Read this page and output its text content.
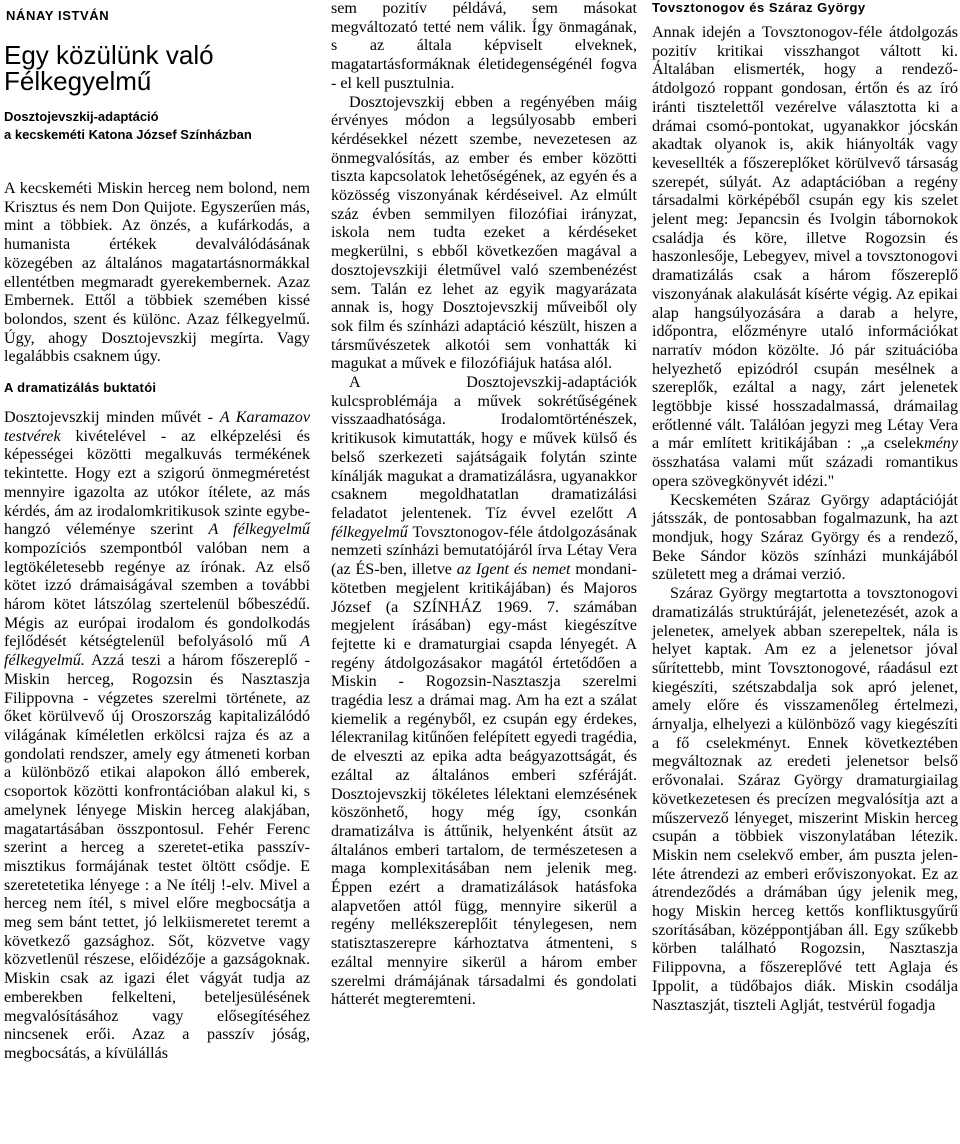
NÁNAY ISTVÁN
Egy közülünk való Félkegyelmű
Dosztojevszkij-adaptáció
a kecskeméti Katona József Színházban

A kecskeméti Miskin herceg nem bolond, nem Krisztus és nem Don Quijote. Egyszerűen más, mint a többiek. Az önzés, a kufárkodás, a humanista értékek devalválódásának közegében az általános magatartásnormákkal ellentétben megmaradt gyerekembernek. Azaz Embernek. Ettől a többiek szemében kissé bolondos, szent és különc. Azaz félkegyelmű. Úgy, ahogy Dosztojevszkij megírta. Vagy legalábbis csaknem úgy.

A dramatizálás buktatói

Dosztojevszkij minden művét - A Karamazov testvérek kivételével - az elképzelési és képességei közötti megalkuvás termékének tekintette. Hogy ezt a szigorú önmegméretést mennyire igazolta az utókor ítélete, az más kérdés, ám az irodalomkritikusok szinte egybe-hangzó véleménye szerint A félkegyelmű kompozíciós szempontból valóban nem a legtökéletesebb regénye az írónak. Az első kötet izzó drámaiságával szemben a további három kötet látszólag szertelenül bőbeszédű. Mégis az európai irodalom és gondolkodás fejlődését kétségtelenül befolyásoló mű A félkegyelmű. Azzá teszi a három főszereplő - Miskin herceg, Rogozsin és Nasztaszja Filippovna - végzetes szerelmi története, az őket körülvevő új Oroszország kapitalizálódó világának kíméletlen erkölcsi rajza és az a gondolati rendszer, amely egy átmeneti korban a különböző etikai alapokon álló emberek, csoportok közötti konfrontációban alakul ki, s amelynek lényege Miskin herceg alakjában, magatartásában összpontosul. Fehér Ferenc szerint a herceg a szeretet-etika passzív-misztikus formájának testet öltött csődje. E szeretetetika lényege : a Ne ítélj !-elv. Mivel a herceg nem ítél, s mivel előre megbocsátja a meg sem bánt tettet, jó lelkiismeretet teremt a következő gazsághoz. Sőt, közvetve vagy közvetlenül részese, előidézője a gazságoknak. Miskin csak az igazi élet vágyát tudja az emberekben felkelteni, beteljesülésének megvalósításához vagy elősegítéséhez nincsenek erői. Azaz a passzív jóság, megbocsátás, a kívülállás

sem pozitív példává, sem másokat megváltozató tetté nem válik. Így önmagának, s az általa képviselt elveknek, magatartásformáknak életidegenségénél fogva - el kell pusztulnia.

Dosztojevszkij ebben a regényében máig érvényes módon a legsúlyosabb emberi kérdésekkel nézett szembe, nevezetesen az önmegvalósítás, az ember és ember közötti tiszta kapcsolatok lehetőségének, az egyén és a közösség viszonyának kérdéseivel. Az elmúlt száz évben semmilyen filozófiai irányzat, iskola nem tudta ezeket a kérdéseket megkerülni, s ebből következően magával a dosztojevszkiji életművel való szembenézést sem. Talán ez lehet az egyik magyarázata annak is, hogy Dosztojevszkij műveiből oly sok film és színházi adaptáció készült, hiszen a társművészetek alkotói sem vonhatták ki magukat a művek e filozófiájuk hatása alól.

A Dosztojevszkij-adaptációk kulcsproblémája a művek sokrétűségének visszaadhatósága. Irodalomtörténészek, kritikusok kimutatták, hogy e művek külső és belső szerkezeti sajátságaik folytán szinte kínálják magukat a dramatizálásra, ugyanakkor csaknem megoldhatatlan dramatizálási feladatot jelentenek. Tíz évvel ezelőtt A félkegyelmű Tovsztonogov-féle átdolgozásának nemzeti színházi bemutatójáról írva Létay Vera (az ÉS-ben, illetve az Igent és nemet mondani-kötetben megjelent kritikájában) és Majoros József (a SZÍNHÁZ 1969. 7. számában megjelent írásában) egy-mást kiegészítve fejtette ki e dramaturgiai csapda lényegét. A regény átdolgozásakor magától értetődően a Miskin - Rogozsin-Nasztaszja szerelmi tragédia lesz a drámai mag. Am ha ezt a szálat kiemelik a regényből, ez csupán egy érdekes, léleктanilag kitűnően felépített egyedi tragédia, de elveszti az epika adta beágyazottságát, és ezáltal az általános emberi szféráját. Dosztojevszkij tökéletes lélektani elemzésének köszönhető, hogy még így, csonkán dramatizálva is áttűnik, helyenként átsüt az általános emberi tartalom, de természetesen a maga komplexitásában nem jelenik meg. Éppen ezért a dramatizálások hatásfoka alapvetően attól függ, mennyire sikerül a regény mellékszereplőit ténylegesen, nem statisztaszerepre kárhoztatva átmenteni, s ezáltal mennyire sikerül a három ember szerelmi drámájának társadalmi és gondolati hátterét megteremteni.

Tovsztonogov és Száraz György

Annak idején a Tovsztonogov-féle átdolgozás pozitív kritikai visszhangot váltott ki. Általában elismerték, hogy a rendező-átdolgozó roppant gondosan, értőn és az író iránti tisztelettől vezérelve választotta ki a drámai csomó-pontokat, ugyanakkor jócskán akadtak olyanok is, akik hiányolták vagy kevesellték a főszereplőket körülvevő társaság szerepét, súlyát. Az adaptációban a regény társadalmi körképéből csupán egy kis szelet jelent meg: Jepancsin és Ivolgin tábornokok családja és köre, illetve Rogozsin és haszonlesője, Lebegyev, mivel a tovsztonogovi dramatizálás csak a három főszereplő viszonyának alakulását kísérte végig. Az epikai alap hangsúlyozására a darab a helyre, időpontra, előzményre utaló információkat narratív módon közölte. Jó pár szituációba helyezhető epizódról csupán mesélnek a szereplők, ezáltal a nagy, zárt jelenetek legtöbbje kissé hosszadalmassá, drámailag erőtlenné vált. Találóan jegyzi meg Létay Vera a már említett kritikájában : „a cselekmény összhatása valami műt századi romantikus opera szövegkönyvét idézi."

Kecskeméten Száraz György adaptációját játsszák, de pontosabban fogalmazunk, ha azt mondjuk, hogy Száraz György és a rendező, Beke Sándor közös színházi munkájából született meg a drámai verzió.

Száraz György megtartotta a tovsztonogovi dramatizálás struktúráját, jelenetezését, azok a jeleneteк, amelyek abban szerepeltek, nála is helyet kaptak. Am ez a jelenetsor jóval sűrítettebb, mint Tovsztonogové, ráadásul ezt kiegészíti, szétszabdalja sok apró jelenet, amely előre és visszamenőleg értelmezi, árnyalja, elhelyezi a különböző vagy kiegészíti a fő cselekményt. Ennek következtében megváltoznak az eredeti jelenetsor belső erővonalai. Száraz György dramaturgiailag következetesen és precízen megvalósítja azt a műszervező lényeget, miszerint Miskin herceg csupán a többiek viszonylatában létezik. Miskin nem cselekvő ember, ám puszta jelen-léte átrendezi az emberi erőviszonyokat. Ez az átrendeződés a drámában úgy jelenik meg, hogy Miskin herceg kettős konfliktusgyűrű szorításában, középpontjában áll. Egy szűkebb körben található Rogozsin, Nasztaszja Filippovna, a főszereplővé tett Aglaja és Ippolit, a tüdőbajos diák. Miskin csodálja Nasztaszját, tiszteli Aglját, testvérül fogadja
